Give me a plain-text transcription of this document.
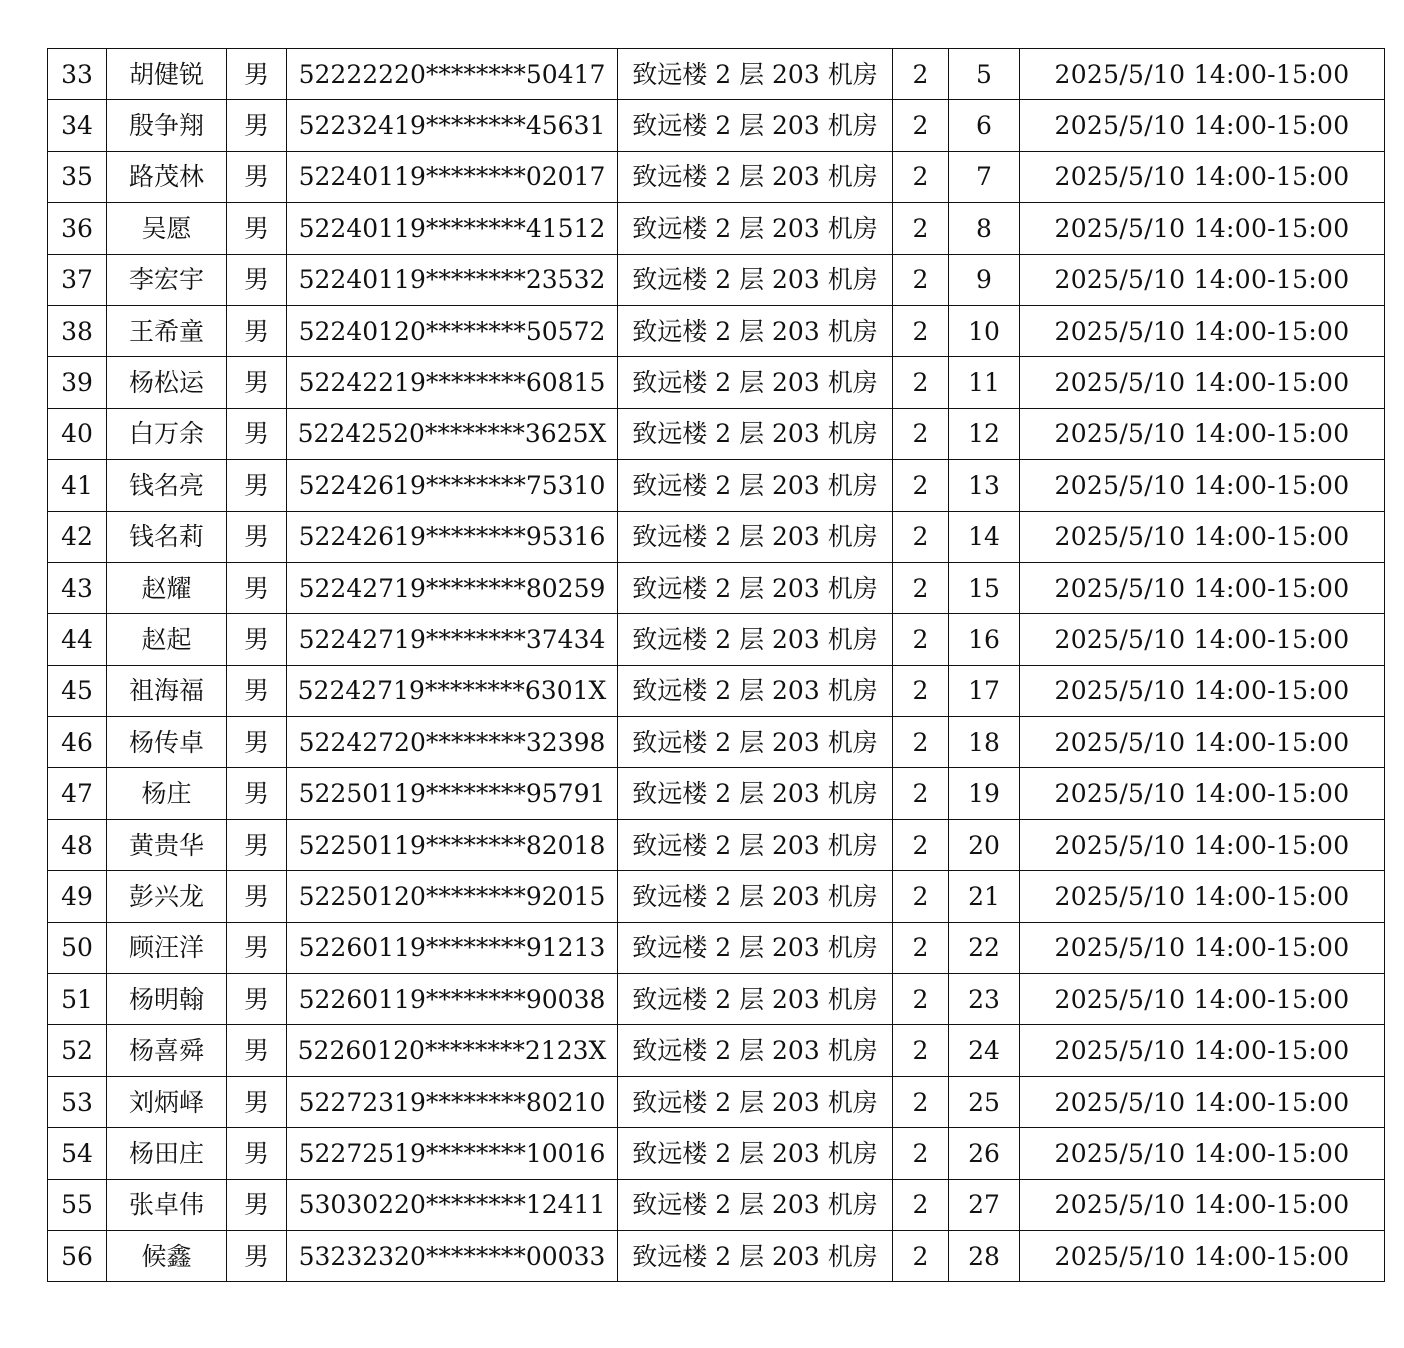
33	胡健锐	男	52222220********50417	致远楼 2 层 203 机房	2	5	2025/5/10 14:00-15:00
34	殷争翔	男	52232419********45631	致远楼 2 层 203 机房	2	6	2025/5/10 14:00-15:00
35	路茂林	男	52240119********02017	致远楼 2 层 203 机房	2	7	2025/5/10 14:00-15:00
36	吴愿	男	52240119********41512	致远楼 2 层 203 机房	2	8	2025/5/10 14:00-15:00
37	李宏宇	男	52240119********23532	致远楼 2 层 203 机房	2	9	2025/5/10 14:00-15:00
38	王希童	男	52240120********50572	致远楼 2 层 203 机房	2	10	2025/5/10 14:00-15:00
39	杨松运	男	52242219********60815	致远楼 2 层 203 机房	2	11	2025/5/10 14:00-15:00
40	白万余	男	52242520********3625X	致远楼 2 层 203 机房	2	12	2025/5/10 14:00-15:00
41	钱名亮	男	52242619********75310	致远楼 2 层 203 机房	2	13	2025/5/10 14:00-15:00
42	钱名莉	男	52242619********95316	致远楼 2 层 203 机房	2	14	2025/5/10 14:00-15:00
43	赵耀	男	52242719********80259	致远楼 2 层 203 机房	2	15	2025/5/10 14:00-15:00
44	赵起	男	52242719********37434	致远楼 2 层 203 机房	2	16	2025/5/10 14:00-15:00
45	祖海福	男	52242719********6301X	致远楼 2 层 203 机房	2	17	2025/5/10 14:00-15:00
46	杨传卓	男	52242720********32398	致远楼 2 层 203 机房	2	18	2025/5/10 14:00-15:00
47	杨庄	男	52250119********95791	致远楼 2 层 203 机房	2	19	2025/5/10 14:00-15:00
48	黄贵华	男	52250119********82018	致远楼 2 层 203 机房	2	20	2025/5/10 14:00-15:00
49	彭兴龙	男	52250120********92015	致远楼 2 层 203 机房	2	21	2025/5/10 14:00-15:00
50	顾汪洋	男	52260119********91213	致远楼 2 层 203 机房	2	22	2025/5/10 14:00-15:00
51	杨明翰	男	52260119********90038	致远楼 2 层 203 机房	2	23	2025/5/10 14:00-15:00
52	杨喜舜	男	52260120********2123X	致远楼 2 层 203 机房	2	24	2025/5/10 14:00-15:00
53	刘炳峄	男	52272319********80210	致远楼 2 层 203 机房	2	25	2025/5/10 14:00-15:00
54	杨田庄	男	52272519********10016	致远楼 2 层 203 机房	2	26	2025/5/10 14:00-15:00
55	张卓伟	男	53030220********12411	致远楼 2 层 203 机房	2	27	2025/5/10 14:00-15:00
56	候鑫	男	53232320********00033	致远楼 2 层 203 机房	2	28	2025/5/10 14:00-15:00
